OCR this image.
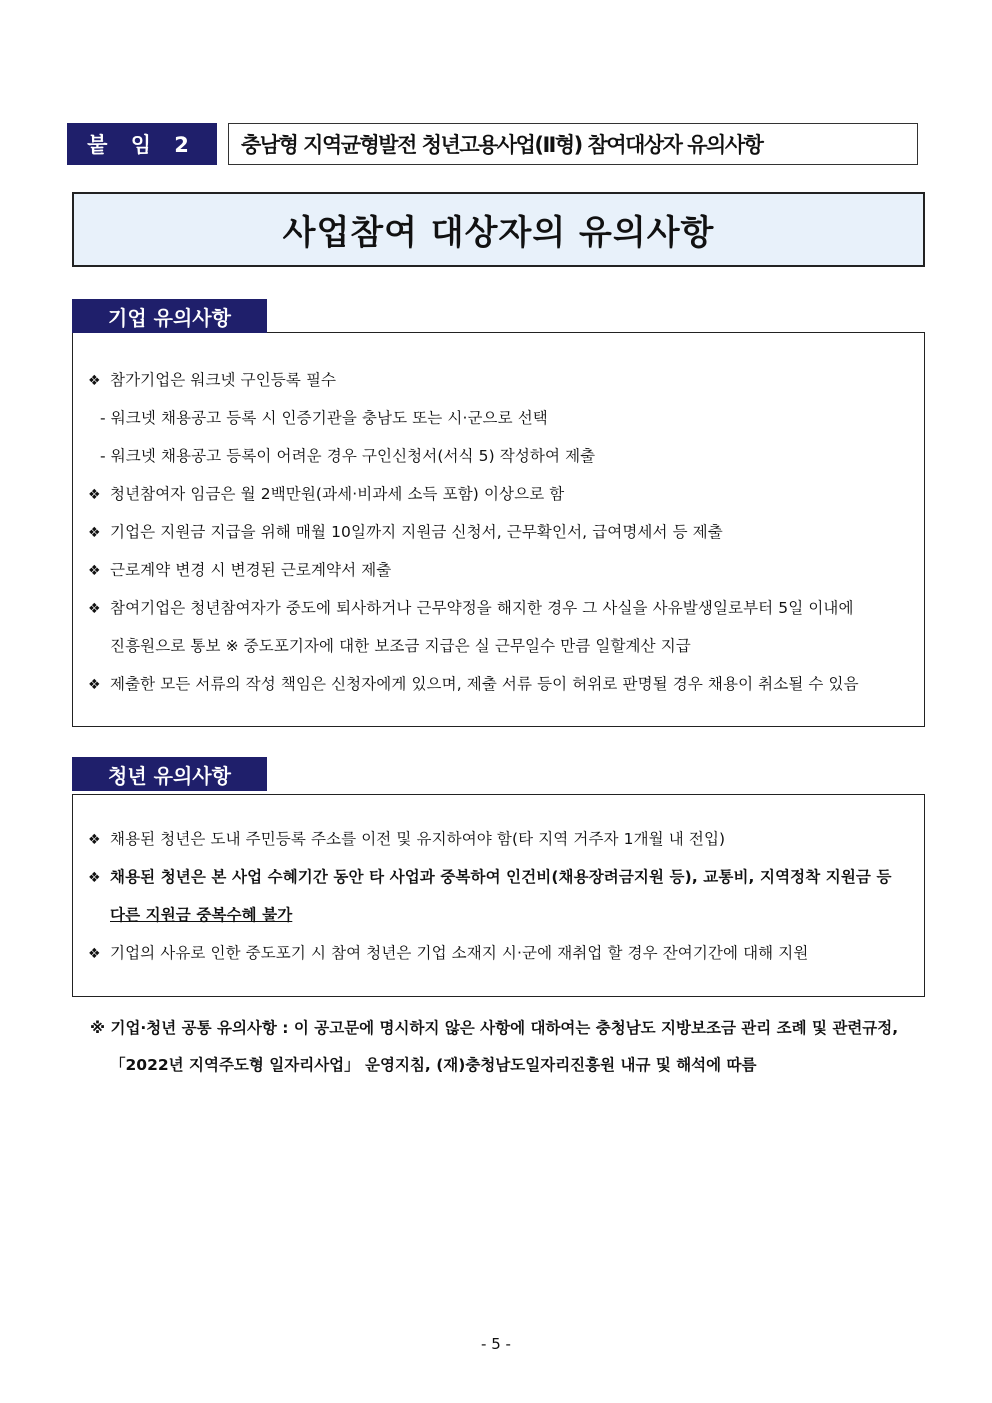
붙 임 2	충남형 지역균형발전 청년고용사업(Ⅱ형) 참여대상자 유의사항
사업참여 대상자의 유의사항
기업 유의사항
❖ 참가기업은 워크넷 구인등록 필수
- 워크넷 채용공고 등록 시 인증기관을 충남도 또는 시·군으로 선택
- 워크넷 채용공고 등록이 어려운 경우 구인신청서(서식 5) 작성하여 제출
❖ 청년참여자 임금은 월 2백만원(과세·비과세 소득 포함) 이상으로 함
❖ 기업은 지원금 지급을 위해 매월 10일까지 지원금 신청서, 근무확인서, 급여명세서 등 제출
❖ 근로계약 변경 시 변경된 근로계약서 제출
❖ 참여기업은 청년참여자가 중도에 퇴사하거나 근무약정을 해지한 경우 그 사실을 사유발생일로부터 5일 이내에
진흥원으로 통보 ※ 중도포기자에 대한 보조금 지급은 실 근무일수 만큼 일할계산 지급
❖ 제출한 모든 서류의 작성 책임은 신청자에게 있으며, 제출 서류 등이 허위로 판명될 경우 채용이 취소될 수 있음
청년 유의사항
❖ 채용된 청년은 도내 주민등록 주소를 이전 및 유지하여야 함(타 지역 거주자 1개월 내 전입)
❖ 채용된 청년은 본 사업 수혜기간 동안 타 사업과 중복하여 인건비(채용장려금지원 등), 교통비, 지역정착 지원금 등
다른 지원금 중복수혜 불가
❖ 기업의 사유로 인한 중도포기 시 참여 청년은 기업 소재지 시·군에 재취업 할 경우 잔여기간에 대해 지원
※ 기업·청년 공통 유의사항 : 이 공고문에 명시하지 않은 사항에 대하여는 충청남도 지방보조금 관리 조례 및 관련규정,
「2022년 지역주도형 일자리사업」 운영지침, (재)충청남도일자리진흥원 내규 및 해석에 따름
- 5 -
